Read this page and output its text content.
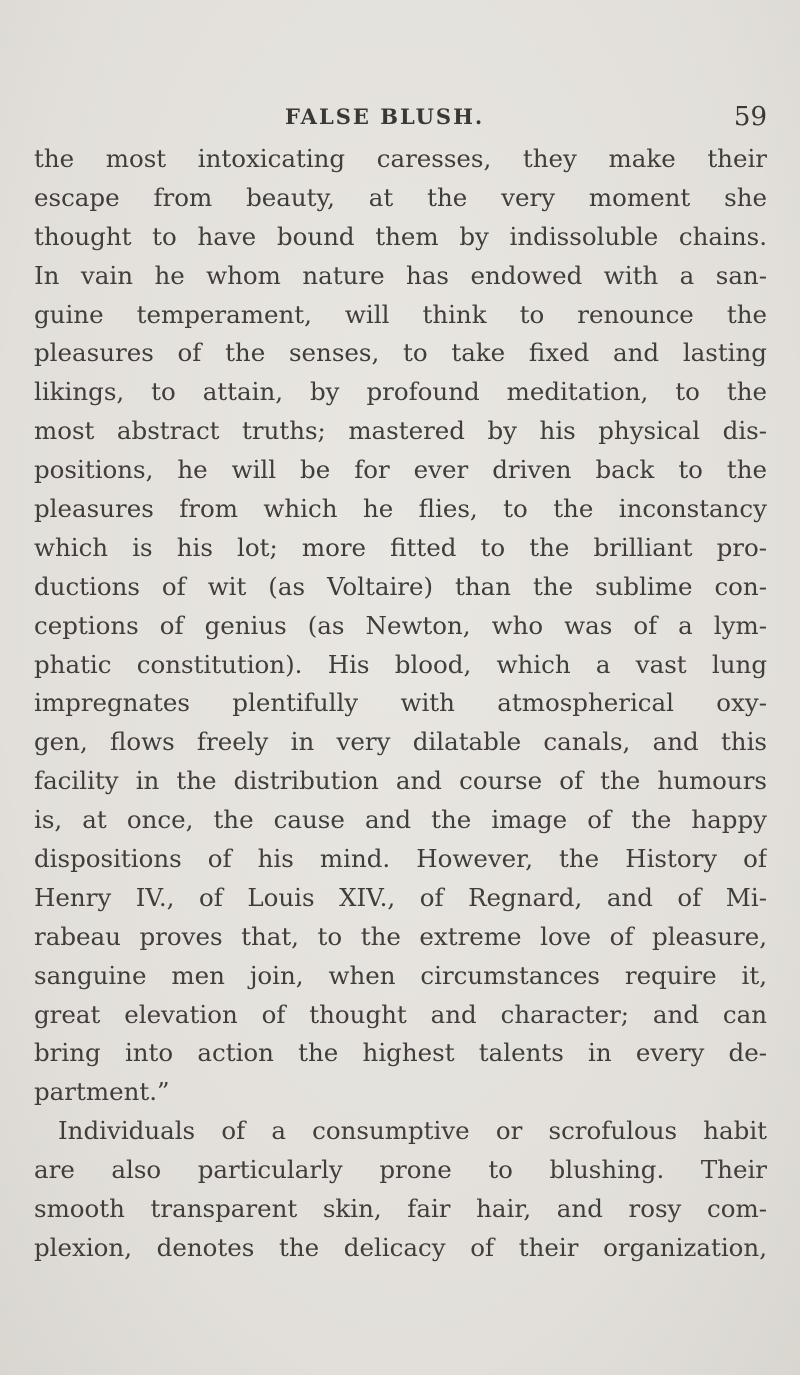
FALSE BLUSH.	59
the most intoxicating caresses, they make their
escape from beauty, at the very moment she
thought to have bound them by indissoluble chains.
In vain he whom nature has endowed with a san-
guine temperament, will think to renounce the
pleasures of the senses, to take fixed and lasting
likings, to attain, by profound meditation, to the
most abstract truths; mastered by his physical dis-
positions, he will be for ever driven back to the
pleasures from which he flies, to the inconstancy
which is his lot; more fitted to the brilliant pro-
ductions of wit (as Voltaire) than the sublime con-
ceptions of genius (as Newton, who was of a lym-
phatic constitution). His blood, which a vast lung
impregnates plentifully with atmospherical oxy-
gen, flows freely in very dilatable canals, and this
facility in the distribution and course of the humours
is, at once, the cause and the image of the happy
dispositions of his mind. However, the History of
Henry IV., of Louis XIV., of Regnard, and of Mi-
rabeau proves that, to the extreme love of pleasure,
sanguine men join, when circumstances require it,
great elevation of thought and character; and can
bring into action the highest talents in every de-
partment.”
Individuals of a consumptive or scrofulous habit
are also particularly prone to blushing. Their
smooth transparent skin, fair hair, and rosy com-
plexion, denotes the delicacy of their organization,
